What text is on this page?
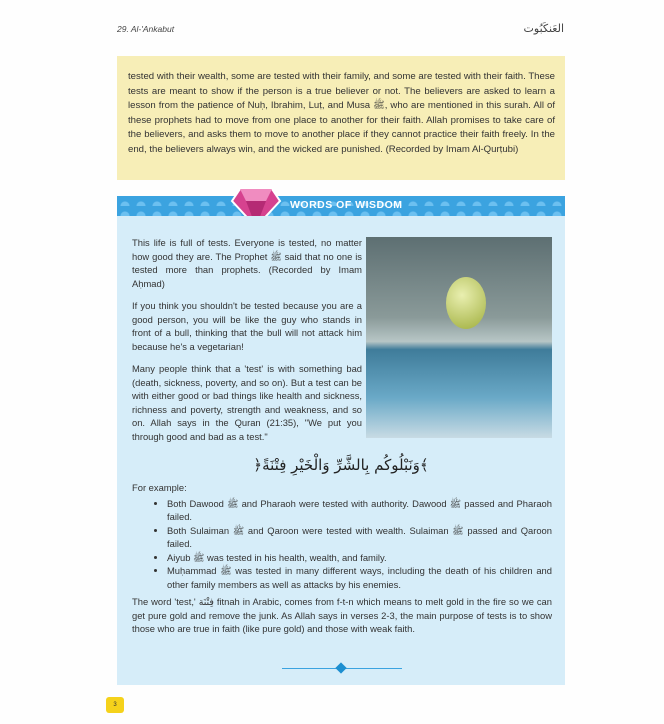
29. Al-'Ankabut	العَنكَبُوت

tested with their wealth, some are tested with their family, and some are tested with their faith. These tests are meant to show if the person is a true believer or not. The believers are asked to learn a lesson from the patience of Nuḥ, Ibrahim, Luṭ, and Musa ﷺ, who are mentioned in this surah. All of these prophets had to move from one place to another for their faith. Allah promises to take care of the believers, and asks them to move to another place if they cannot practice their faith freely. In the end, the believers always win, and the wicked are punished. (Recorded by Imam Al-Qurṭubi)

WORDS OF WISDOM

This life is full of tests. Everyone is tested, no matter how good they are. The Prophet ﷺ said that no one is tested more than prophets. (Recorded by Imam Aḥmad)

If you think you shouldn't be tested because you are a good person, you will be like the guy who stands in front of a bull, thinking that the bull will not attack him because he's a vegetarian!

Many people think that a 'test' is with something bad (death, sickness, poverty, and so on). But a test can be with either good or bad things like health and sickness, richness and poverty, strength and weakness, and so on. Allah says in the Quran (21:35), "We put you through good and bad as a test."

﴿وَنَبْلُوكُم بِالشَّرِّ وَالْخَيْرِ فِتْنَةً﴾
For example:
• Both Dawood ﷺ and Pharaoh were tested with authority. Dawood ﷺ passed and Pharaoh failed.
• Both Sulaiman ﷺ and Qaroon were tested with wealth. Sulaiman ﷺ passed and Qaroon failed.
• Aiyub ﷺ was tested in his health, wealth, and family.
• Muḥammad ﷺ was tested in many different ways, including the death of his children and other family members as well as attacks by his enemies.

The word 'test,' فِتْنَة fitnah in Arabic, comes from f-t-n which means to melt gold in the fire so we can get pure gold and remove the junk. As Allah says in verses 2-3, the main purpose of tests is to show those who are true in faith (like pure gold) and those with weak faith.

3
